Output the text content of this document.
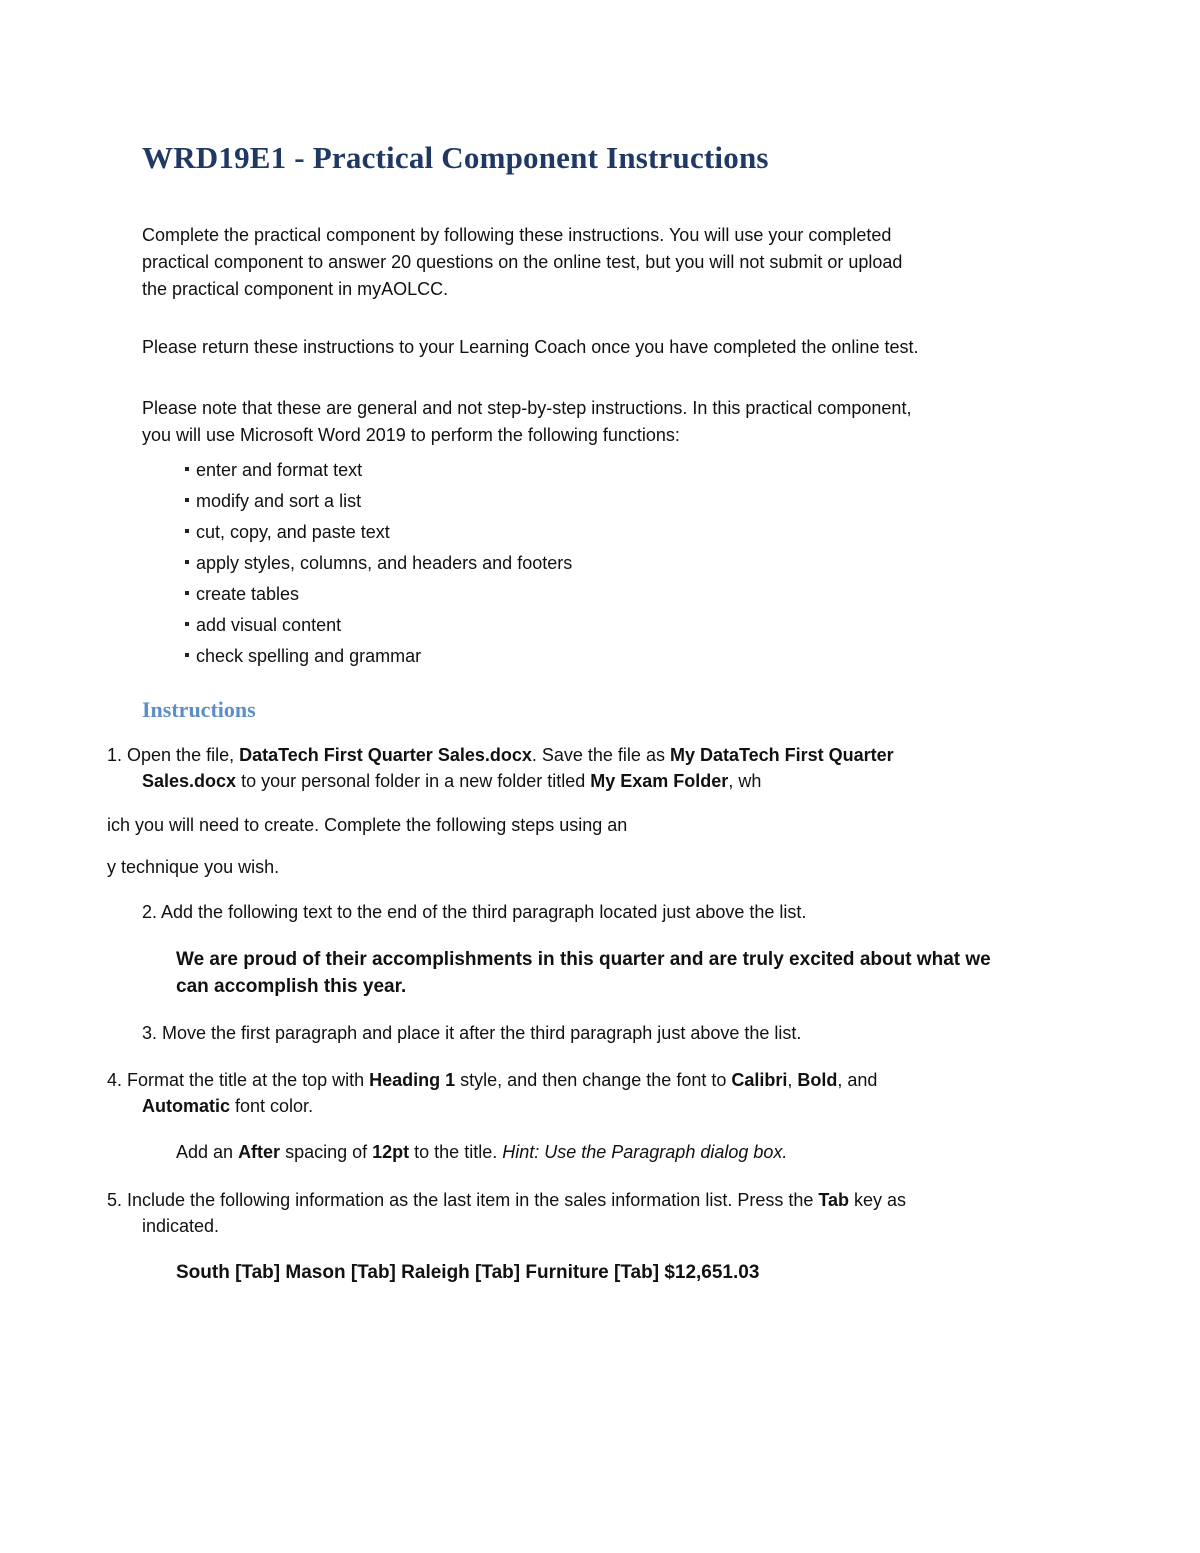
WRD19E1 - Practical Component Instructions
Complete the practical component by following these instructions. You will use your completed
practical component to answer 20 questions on the online test, but you will not submit or upload
the practical component in myAOLCC.
Please return these instructions to your Learning Coach once you have completed the online test.
Please note that these are general and not step-by-step instructions. In this practical component,
you will use Microsoft Word 2019 to perform the following functions:
enter and format text
modify and sort a list
cut, copy, and paste text
apply styles, columns, and headers and footers
create tables
add visual content
check spelling and grammar
Instructions
1. Open the file, DataTech First Quarter Sales.docx. Save the file as My DataTech First Quarter
Sales.docx to your personal folder in a new folder titled My Exam Folder, wh
ich you will need to create. Complete the following steps using an
y technique you wish.
2. Add the following text to the end of the third paragraph located just above the list.
We are proud of their accomplishments in this quarter and are truly excited about what we
can accomplish this year.
3. Move the first paragraph and place it after the third paragraph just above the list.
4. Format the title at the top with Heading 1 style, and then change the font to Calibri, Bold, and
Automatic font color.
Add an After spacing of 12pt to the title. Hint: Use the Paragraph dialog box.
5. Include the following information as the last item in the sales information list. Press the Tab key as
indicated.
South [Tab] Mason [Tab] Raleigh [Tab] Furniture [Tab] $12,651.03
